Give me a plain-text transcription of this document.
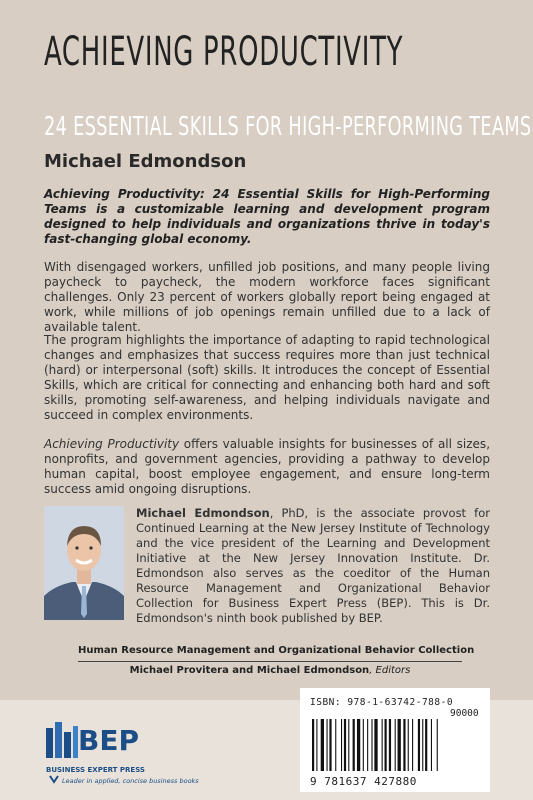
ACHIEVING PRODUCTIVITY
24 ESSENTIAL SKILLS FOR HIGH-PERFORMING TEAMS
Michael Edmondson
Achieving Productivity: 24 Essential Skills for High-Performing Teams is a customizable learning and development program designed to help individuals and organizations thrive in today's fast-changing global economy.
With disengaged workers, unfilled job positions, and many people living paycheck to paycheck, the modern workforce faces significant challenges. Only 23 percent of workers globally report being engaged at work, while millions of job openings remain unfilled due to a lack of available talent.
The program highlights the importance of adapting to rapid technological changes and emphasizes that success requires more than just technical (hard) or interpersonal (soft) skills. It introduces the concept of Essential Skills, which are critical for connecting and enhancing both hard and soft skills, promoting self-awareness, and helping individuals navigate and succeed in complex environments.
Achieving Productivity offers valuable insights for businesses of all sizes, nonprofits, and government agencies, providing a pathway to develop human capital, boost employee engagement, and ensure long-term success amid ongoing disruptions.
Michael Edmondson, PhD, is the associate provost for Continued Learning at the New Jersey Institute of Technology and the vice president of the Learning and Development Initiative at the New Jersey Innovation Institute. Dr. Edmondson also serves as the coeditor of the Human Resource Management and Organizational Behavior Collection for Business Expert Press (BEP). This is Dr. Edmondson's ninth book published by BEP.
Human Resource Management and Organizational Behavior Collection
Michael Provitera and Michael Edmondson, Editors
BEP
BUSINESS EXPERT PRESS
Leader in applied, concise business books
ISBN: 978-1-63742-788-0
90000
9 781637 427880
